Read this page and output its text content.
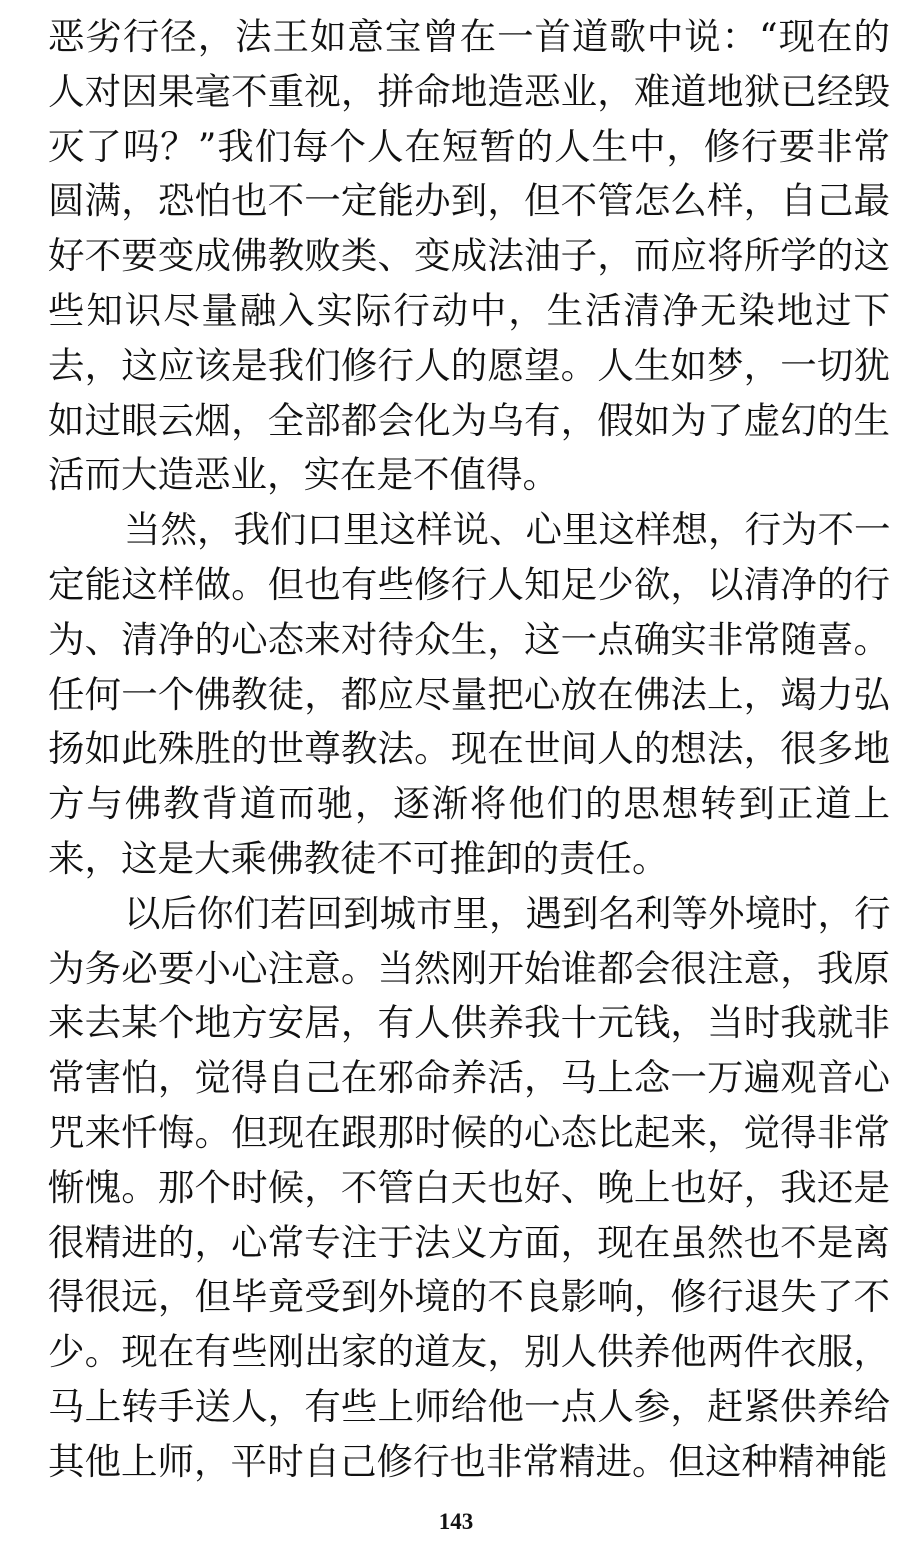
恶劣行径，法王如意宝曾在一首道歌中说：“现在的
人对因果毫不重视，拼命地造恶业，难道地狱已经毁
灭了吗？”我们每个人在短暂的人生中，修行要非常
圆满，恐怕也不一定能办到，但不管怎么样，自己最
好不要变成佛教败类、变成法油子，而应将所学的这
些知识尽量融入实际行动中，生活清净无染地过下
去，这应该是我们修行人的愿望。人生如梦，一切犹
如过眼云烟，全部都会化为乌有，假如为了虚幻的生
活而大造恶业，实在是不值得。
当然，我们口里这样说、心里这样想，行为不一
定能这样做。但也有些修行人知足少欲，以清净的行
为、清净的心态来对待众生，这一点确实非常随喜。
任何一个佛教徒，都应尽量把心放在佛法上，竭力弘
扬如此殊胜的世尊教法。现在世间人的想法，很多地
方与佛教背道而驰，逐渐将他们的思想转到正道上
来，这是大乘佛教徒不可推卸的责任。
以后你们若回到城市里，遇到名利等外境时，行
为务必要小心注意。当然刚开始谁都会很注意，我原
来去某个地方安居，有人供养我十元钱，当时我就非
常害怕，觉得自己在邪命养活，马上念一万遍观音心
咒来忏悔。但现在跟那时候的心态比起来，觉得非常
惭愧。那个时候，不管白天也好、晚上也好，我还是
很精进的，心常专注于法义方面，现在虽然也不是离
得很远，但毕竟受到外境的不良影响，修行退失了不
少。现在有些刚出家的道友，别人供养他两件衣服，
马上转手送人，有些上师给他一点人参，赶紧供养给
其他上师，平时自己修行也非常精进。但这种精神能
143
